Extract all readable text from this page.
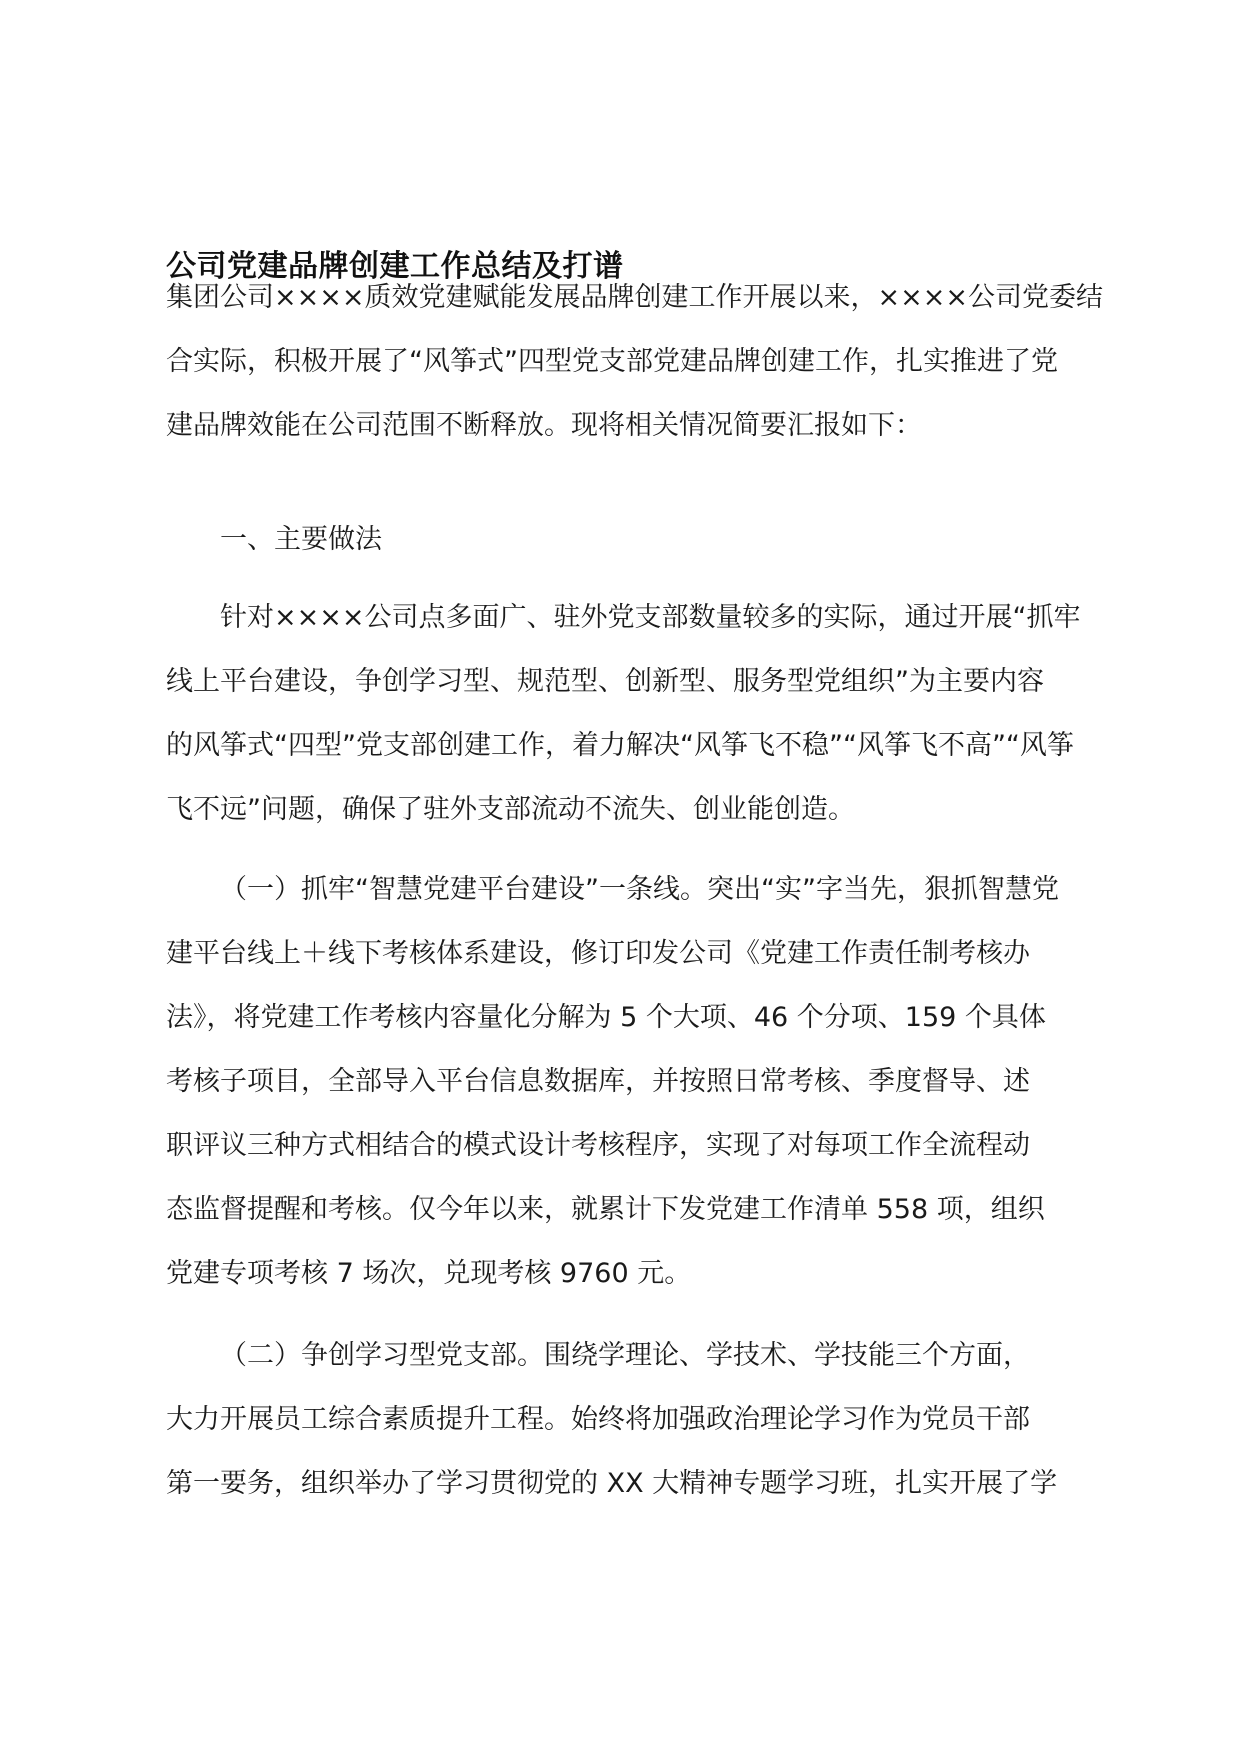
公司党建品牌创建工作总结及打谱
集团公司××××质效党建赋能发展品牌创建工作开展以来，××××公司党委结
合实际，积极开展了“风筝式”四型党支部党建品牌创建工作，扎实推进了党
建品牌效能在公司范围不断释放。现将相关情况简要汇报如下：
一、主要做法
针对××××公司点多面广、驻外党支部数量较多的实际，通过开展“抓牢
线上平台建设，争创学习型、规范型、创新型、服务型党组织”为主要内容
的风筝式“四型”党支部创建工作，着力解决“风筝飞不稳”“风筝飞不高”“风筝
飞不远”问题，确保了驻外支部流动不流失、创业能创造。
（一）抓牢“智慧党建平台建设”一条线。突出“实”字当先，狠抓智慧党
建平台线上＋线下考核体系建设，修订印发公司《党建工作责任制考核办
法》，将党建工作考核内容量化分解为 5 个大项、46 个分项、159 个具体
考核子项目，全部导入平台信息数据库，并按照日常考核、季度督导、述
职评议三种方式相结合的模式设计考核程序，实现了对每项工作全流程动
态监督提醒和考核。仅今年以来，就累计下发党建工作清单 558 项，组织
党建专项考核 7 场次，兑现考核 9760 元。
（二）争创学习型党支部。围绕学理论、学技术、学技能三个方面，
大力开展员工综合素质提升工程。始终将加强政治理论学习作为党员干部
第一要务，组织举办了学习贯彻党的 XX 大精神专题学习班，扎实开展了学
